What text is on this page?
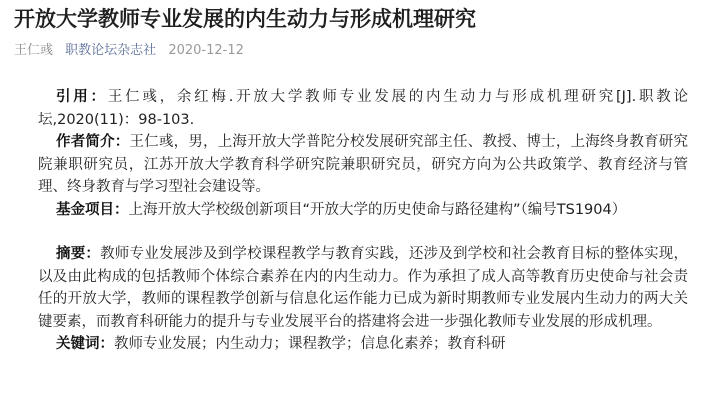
开放大学教师专业发展的内生动力与形成机理研究
王仁彧 职教论坛杂志社 2020-12-12

引用：王仁彧，余红梅.开放大学教师专业发展的内生动力与形成机理研究[J].职教论坛,2020(11)：98-103.

作者简介：王仁彧，男，上海开放大学普陀分校发展研究部主任、教授、博士，上海终身教育研究院兼职研究员，江苏开放大学教育科学研究院兼职研究员，研究方向为公共政策学、教育经济与管理、终身教育与学习型社会建设等。

基金项目：上海开放大学校级创新项目“开放大学的历史使命与路径建构”（编号TS1904）

摘要：教师专业发展涉及到学校课程教学与教育实践，还涉及到学校和社会教育目标的整体实现，以及由此构成的包括教师个体综合素养在内的内生动力。作为承担了成人高等教育历史使命与社会责任的开放大学，教师的课程教学创新与信息化运作能力已成为新时期教师专业发展内生动力的两大关键要素，而教育科研能力的提升与专业发展平台的搭建将会进一步强化教师专业发展的形成机理。

关键词：教师专业发展；内生动力；课程教学；信息化素养；教育科研
